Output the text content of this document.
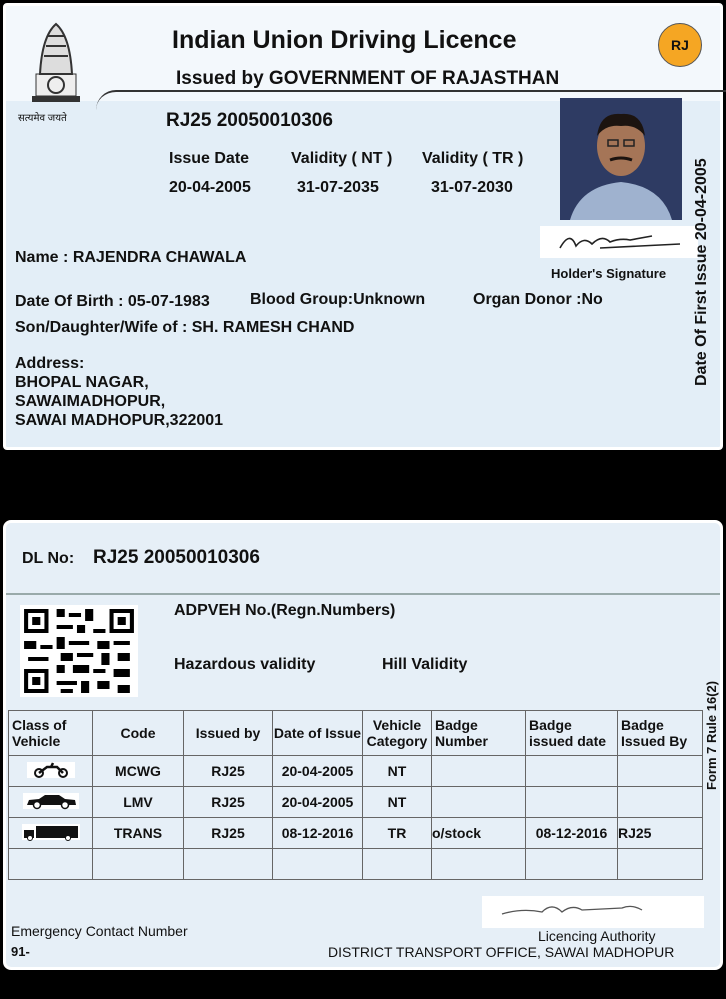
सत्यमेव जयते
Indian Union Driving Licence
Issued by GOVERNMENT OF RAJASTHAN
RJ
RJ25 20050010306
Issue Date	Validity ( NT ) Validity ( TR )
20-04-2005	31-07-2035	31-07-2030
Holder's Signature Date Of First Issue 20-04-2005
Name : RAJENDRA CHAWALA
Date Of Birth : 05-07-1983	Blood Group:Unknown	Organ Donor :No
Son/Daughter/Wife of : SH. RAMESH CHAND
Address:
BHOPAL NAGAR,
SAWAIMADHOPUR,
SAWAI MADHOPUR,322001
DL No: RJ25 20050010306
ADPVEH No.(Regn.Numbers)
Hazardous validity	Hill Validity
Form 7 Rule 16(2)
Class of Vehicle	Code	Issued by	Date of Issue	Vehicle Category	Badge Number	Badge issued date	Badge Issued By
	MCWG	RJ25	20-04-2005	NT			
	LMV	RJ25	20-04-2005	NT			
	TRANS	RJ25	08-12-2016	TR	o/stock	08-12-2016	RJ25

Emergency Contact Number
91-
Licencing Authority
DISTRICT TRANSPORT OFFICE, SAWAI MADHOPUR
